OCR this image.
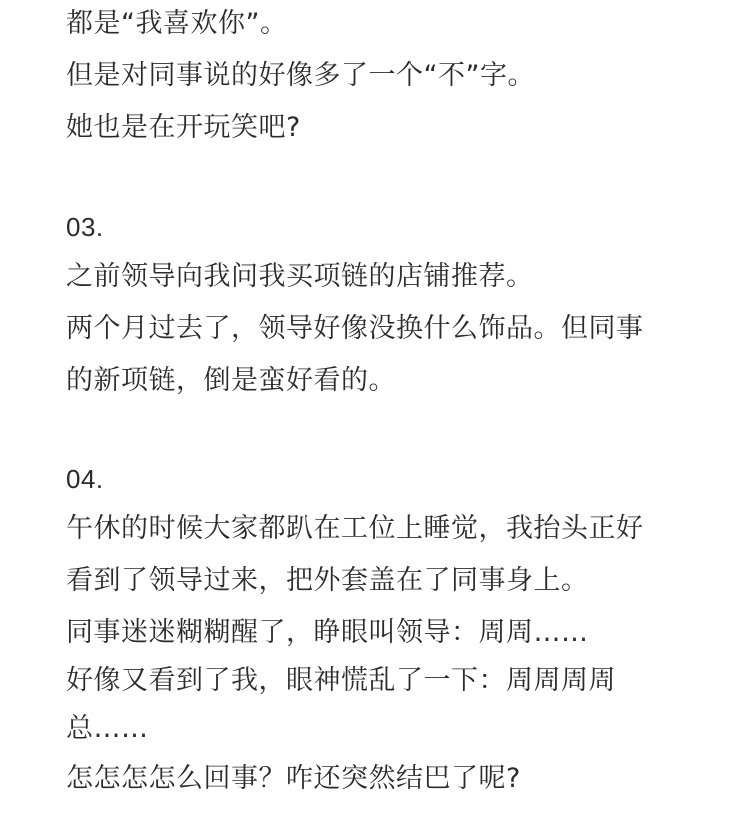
都是“我喜欢你”。
但是对同事说的好像多了一个“不”字。
她也是在开玩笑吧?
03.
之前领导向我问我买项链的店铺推荐。
两个月过去了，领导好像没换什么饰品。但同事
的新项链，倒是蛮好看的。
04.
午休的时候大家都趴在工位上睡觉，我抬头正好
看到了领导过来，把外套盖在了同事身上。
同事迷迷糊糊醒了，睁眼叫领导：周周……
好像又看到了我，眼神慌乱了一下：周周周周
总……
怎怎怎怎么回事？咋还突然结巴了呢?
